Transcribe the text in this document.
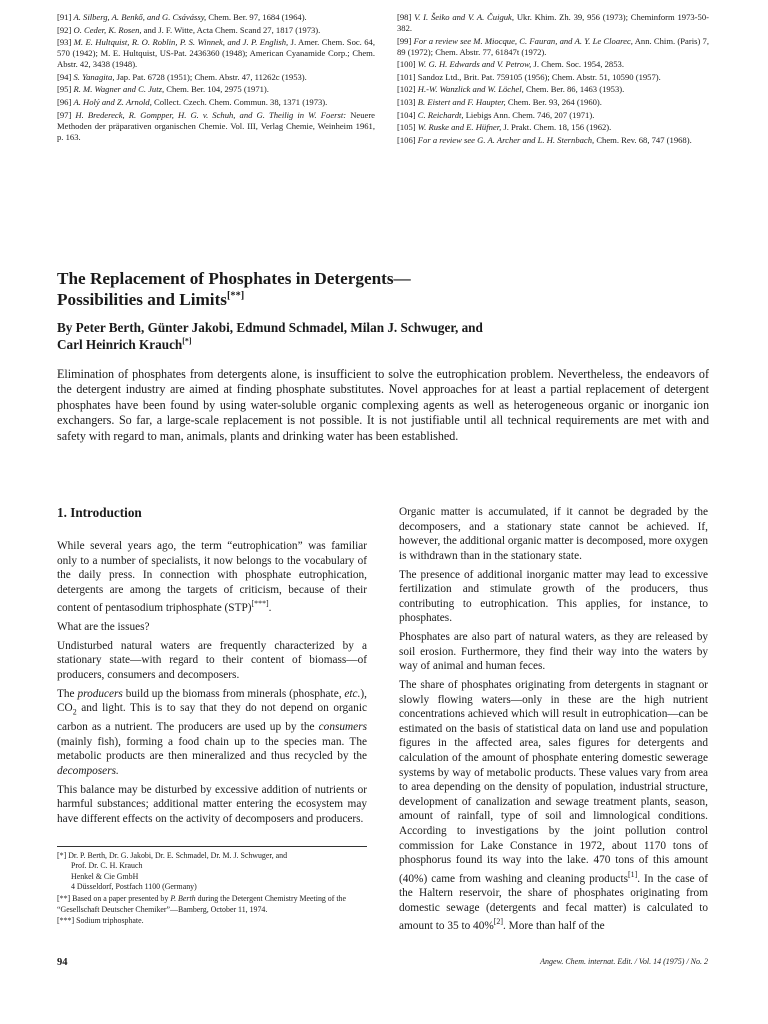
[91] A. Silberg, A. Benkő, and G. Csávássy, Chem. Ber. 97, 1684 (1964).
[92] O. Ceder, K. Rosen, and J. F. Witte, Acta Chem. Scand 27, 1817 (1973).
[93] M. E. Hultquist, R. O. Roblin, P. S. Winnek, and J. P. English, J. Amer. Chem. Soc. 64, 570 (1942); M. E. Hultquist, US-Pat. 2436360 (1948); American Cyanamide Corp.; Chem. Abstr. 42, 3438 (1948).
[94] S. Yanagita, Jap. Pat. 6728 (1951); Chem. Abstr. 47, 11262c (1953).
[95] R. M. Wagner and C. Jutz, Chem. Ber. 104, 2975 (1971).
[96] A. Holý and Z. Arnold, Collect. Czech. Chem. Commun. 38, 1371 (1973).
[97] H. Bredereck, R. Gompper, H. G. v. Schuh, and G. Theilig in W. Foerst: Neuere Methoden der präparativen organischen Chemie. Vol. III, Verlag Chemie, Weinheim 1961, p. 163.
[98] V. I. Šeiko and V. A. Čuiguk, Ukr. Khim. Zh. 39, 956 (1973); Cheminform 1973-50-382.
[99] For a review see M. Miocque, C. Fauran, and A. Y. Le Cloarec, Ann. Chim. (Paris) 7, 89 (1972); Chem. Abstr. 77, 61847t (1972).
[100] W. G. H. Edwards and V. Petrow, J. Chem. Soc. 1954, 2853.
[101] Sandoz Ltd., Brit. Pat. 759105 (1956); Chem. Abstr. 51, 10590 (1957).
[102] H.-W. Wanzlick and W. Löchel, Chem. Ber. 86, 1463 (1953).
[103] B. Eistert and F. Haupter, Chem. Ber. 93, 264 (1960).
[104] C. Reichardt, Liebigs Ann. Chem. 746, 207 (1971).
[105] W. Ruske and E. Hüfner, J. Prakt. Chem. 18, 156 (1962).
[106] For a review see G. A. Archer and L. H. Sternbach, Chem. Rev. 68, 747 (1968).
The Replacement of Phosphates in Detergents—
Possibilities and Limits[**]
By Peter Berth, Günter Jakobi, Edmund Schmadel, Milan J. Schwuger, and
Carl Heinrich Krauch[*]
Elimination of phosphates from detergents alone, is insufficient to solve the eutrophication problem. Nevertheless, the endeavors of the detergent industry are aimed at finding phosphate substitutes. Novel approaches for at least a partial replacement of detergent phosphates have been found by using water-soluble organic complexing agents as well as heterogeneous organic or inorganic ion exchangers. So far, a large-scale replacement is not possible. It is not justifiable until all technical requirements are met with and safety with regard to man, animals, plants and drinking water has been established.
1. Introduction

While several years ago, the term “eutrophication” was familiar only to a number of specialists, it now belongs to the vocabulary of the daily press. In connection with phosphate eutrophication, detergents are among the targets of criticism, because of their content of pentasodium triphosphate (STP)[***].

What are the issues?

Undisturbed natural waters are frequently characterized by a stationary state—with regard to their content of biomass—of producers, consumers and decomposers.

The producers build up the biomass from minerals (phosphate, etc.), $CO_2$ and light. This is to say that they do not depend on organic carbon as a nutrient. The producers are used up by the consumers (mainly fish), forming a food chain up to the species man. The metabolic products are then mineralized and thus recycled by the decomposers.

This balance may be disturbed by excessive addition of nutrients or harmful substances; additional matter entering the ecosystem may have different effects on the activity of decomposers and producers.

[*] Dr. P. Berth, Dr. G. Jakobi, Dr. E. Schmadel, Dr. M. J. Schwuger, and
Prof. Dr. C. H. Krauch
Henkel & Cie GmbH
4 Düsseldorf, Postfach 1100 (Germany)
[**] Based on a paper presented by P. Berth during the Detergent Chemistry Meeting of the “Gesellschaft Deutscher Chemiker”—Bamberg, October 11, 1974.
[***] Sodium triphosphate.

Organic matter is accumulated, if it cannot be degraded by the decomposers, and a stationary state cannot be achieved. If, however, the additional organic matter is decomposed, more oxygen is withdrawn than in the stationary state.

The presence of additional inorganic matter may lead to excessive fertilization and stimulate growth of the producers, thus contributing to eutrophication. This applies, for instance, to phosphates.

Phosphates are also part of natural waters, as they are released by soil erosion. Furthermore, they find their way into the waters by way of animal and human feces.

The share of phosphates originating from detergents in stagnant or slowly flowing waters—only in these are the high nutrient concentrations achieved which will result in eutrophication—can be estimated on the basis of statistical data on land use and population figures in the affected area, sales figures for detergents and calculation of the amount of phosphate entering domestic sewerage systems by way of metabolic products. These values vary from area to area depending on the density of population, industrial structure, development of canalization and sewage treatment plants, season, amount of rainfall, type of soil and limnological conditions. According to investigations by the joint pollution control commission for Lake Constance in 1972, about 1170 tons of phosphorus found its way into the lake. 470 tons of this amount (40%) came from washing and cleaning products[1]. In the case of the Haltern reservoir, the share of phosphates originating from domestic sewage (detergents and fecal matter) is calculated to amount to 35 to 40%[2]. More than half of the

94	Angew. Chem. internat. Edit. / Vol. 14 (1975) / No. 2
